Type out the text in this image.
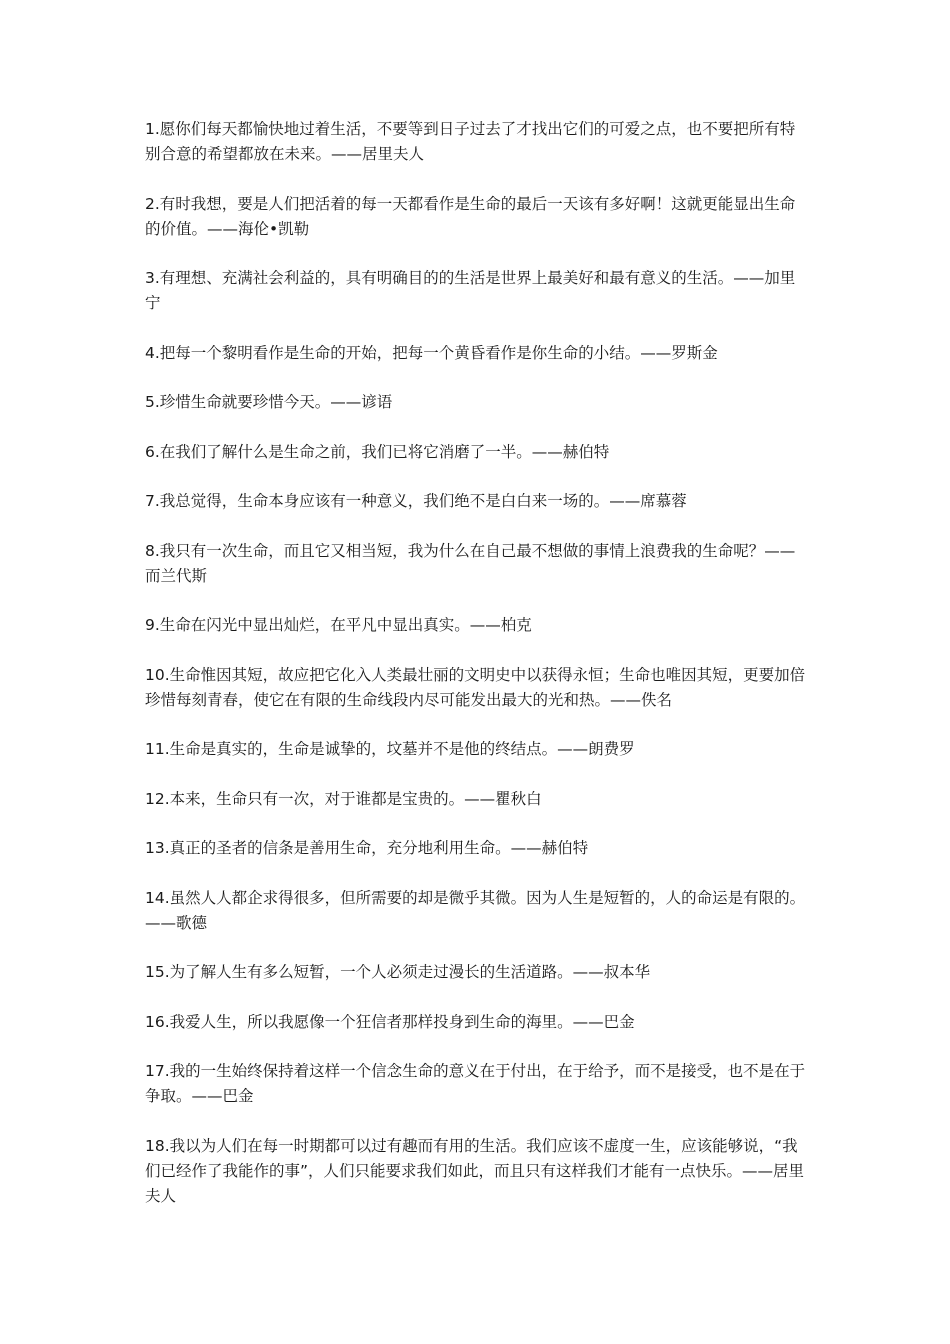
1.愿你们每天都愉快地过着生活，不要等到日子过去了才找出它们的可爱之点，也不要把所有特别合意的希望都放在未来。——居里夫人

2.有时我想，要是人们把活着的每一天都看作是生命的最后一天该有多好啊！这就更能显出生命的价值。——海伦•凯勒

3.有理想、充满社会利益的，具有明确目的的生活是世界上最美好和最有意义的生活。——加里宁

4.把每一个黎明看作是生命的开始，把每一个黄昏看作是你生命的小结。——罗斯金

5.珍惜生命就要珍惜今天。——谚语

6.在我们了解什么是生命之前，我们已将它消磨了一半。——赫伯特

7.我总觉得，生命本身应该有一种意义，我们绝不是白白来一场的。——席慕蓉

8.我只有一次生命，而且它又相当短，我为什么在自己最不想做的事情上浪费我的生命呢？——而兰代斯

9.生命在闪光中显出灿烂，在平凡中显出真实。——柏克

10.生命惟因其短，故应把它化入人类最壮丽的文明史中以获得永恒；生命也唯因其短，更要加倍珍惜每刻青春，使它在有限的生命线段内尽可能发出最大的光和热。——佚名

11.生命是真实的，生命是诚挚的，坟墓并不是他的终结点。——朗费罗

12.本来，生命只有一次，对于谁都是宝贵的。——瞿秋白

13.真正的圣者的信条是善用生命，充分地利用生命。——赫伯特

14.虽然人人都企求得很多，但所需要的却是微乎其微。因为人生是短暂的，人的命运是有限的。——歌德

15.为了解人生有多么短暂，一个人必须走过漫长的生活道路。——叔本华

16.我爱人生，所以我愿像一个狂信者那样投身到生命的海里。——巴金

17.我的一生始终保持着这样一个信念生命的意义在于付出，在于给予，而不是接受，也不是在于争取。——巴金

18.我以为人们在每一时期都可以过有趣而有用的生活。我们应该不虚度一生，应该能够说，“我们已经作了我能作的事”，人们只能要求我们如此，而且只有这样我们才能有一点快乐。——居里夫人
